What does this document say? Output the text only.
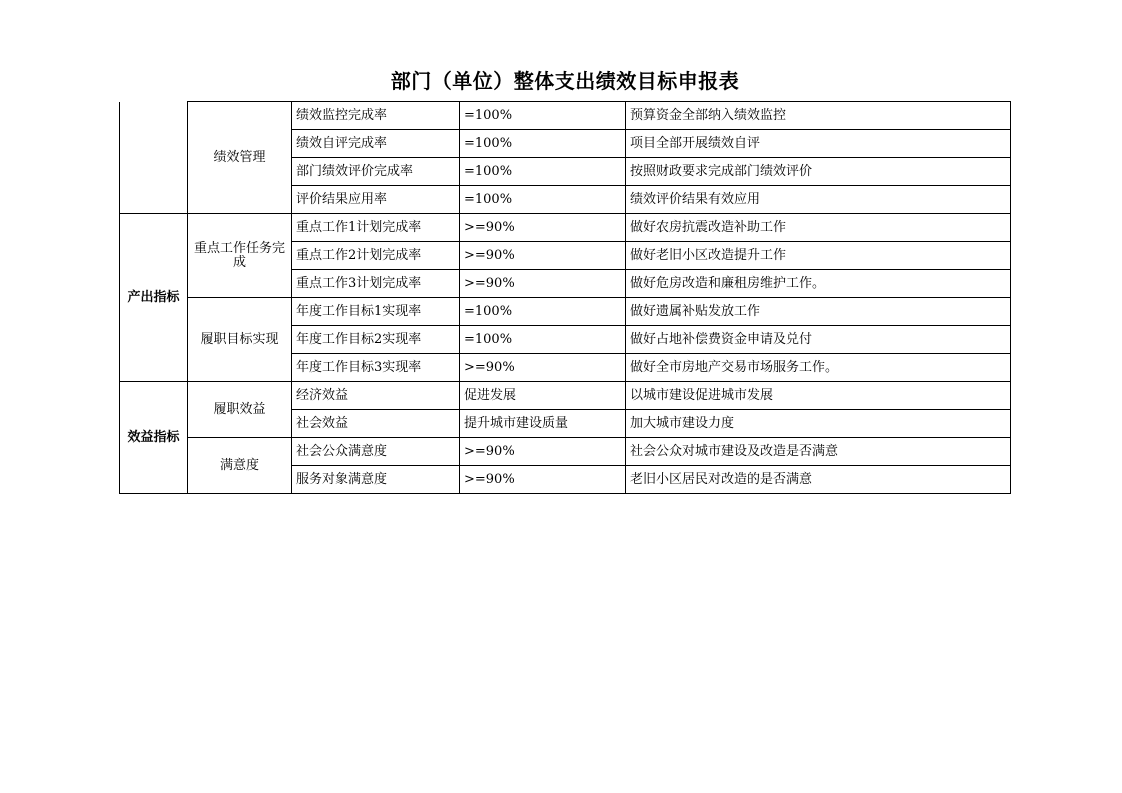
部门（单位）整体支出绩效目标申报表
	绩效管理	绩效监控完成率	=100%	预算资金全部纳入绩效监控
		绩效自评完成率	=100%	项目全部开展绩效自评
		部门绩效评价完成率	=100%	按照财政要求完成部门绩效评价
		评价结果应用率	=100%	绩效评价结果有效应用
产出指标	重点工作任务完成	重点工作1计划完成率	>=90%	做好农房抗震改造补助工作
		重点工作2计划完成率	>=90%	做好老旧小区改造提升工作
		重点工作3计划完成率	>=90%	做好危房改造和廉租房维护工作。
	履职目标实现	年度工作目标1实现率	=100%	做好遗属补贴发放工作
		年度工作目标2实现率	=100%	做好占地补偿费资金申请及兑付
		年度工作目标3实现率	>=90%	做好全市房地产交易市场服务工作。
效益指标	履职效益	经济效益	促进发展	以城市建设促进城市发展
		社会效益	提升城市建设质量	加大城市建设力度
	满意度	社会公众满意度	>=90%	社会公众对城市建设及改造是否满意
		服务对象满意度	>=90%	老旧小区居民对改造的是否满意
